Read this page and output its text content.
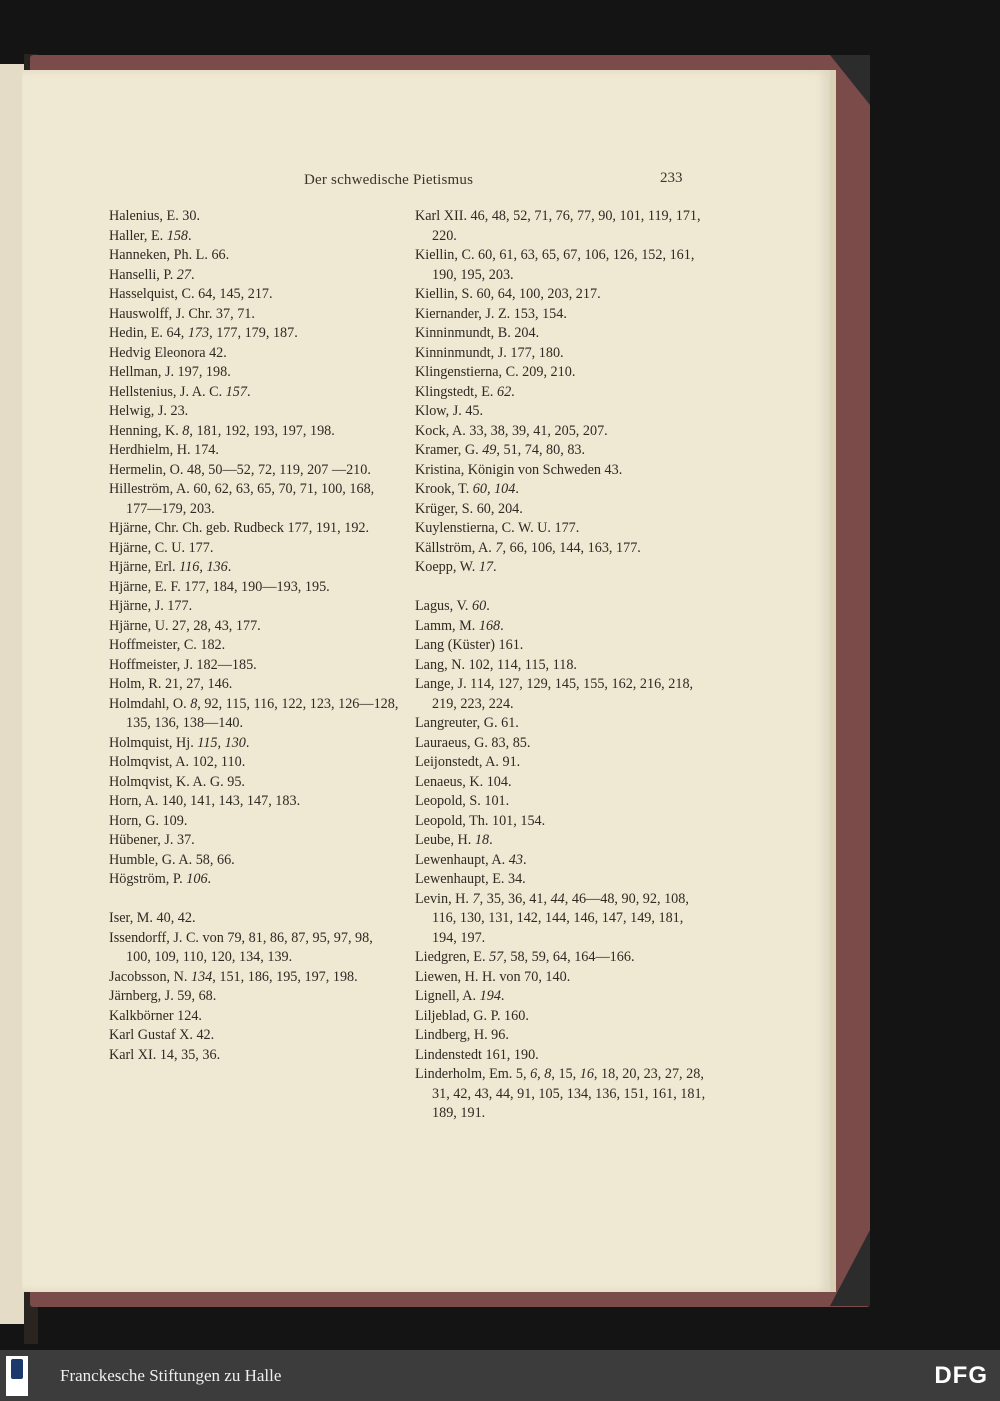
Der schwedische Pietismus	233
Halenius, E. 30.
Haller, E. 158.
Hanneken, Ph. L. 66.
Hanselli, P. 27.
Hasselquist, C. 64, 145, 217.
Hauswolff, J. Chr. 37, 71.
Hedin, E. 64, 173, 177, 179, 187.
Hedvig Eleonora 42.
Hellman, J. 197, 198.
Hellstenius, J. A. C. 157.
Helwig, J. 23.
Henning, K. 8, 181, 192, 193, 197, 198.
Herdhielm, H. 174.
Hermelin, O. 48, 50—52, 72, 119, 207 —210.
Hilleström, A. 60, 62, 63, 65, 70, 71, 100, 168, 177—179, 203.
Hjärne, Chr. Ch. geb. Rudbeck 177, 191, 192.
Hjärne, C. U. 177.
Hjärne, Erl. 116, 136.
Hjärne, E. F. 177, 184, 190—193, 195.
Hjärne, J. 177.
Hjärne, U. 27, 28, 43, 177.
Hoffmeister, C. 182.
Hoffmeister, J. 182—185.
Holm, R. 21, 27, 146.
Holmdahl, O. 8, 92, 115, 116, 122, 123, 126—128, 135, 136, 138—140.
Holmquist, Hj. 115, 130.
Holmqvist, A. 102, 110.
Holmqvist, K. A. G. 95.
Horn, A. 140, 141, 143, 147, 183.
Horn, G. 109.
Hübener, J. 37.
Humble, G. A. 58, 66.
Högström, P. 106.
Iser, M. 40, 42.
Issendorff, J. C. von 79, 81, 86, 87, 95, 97, 98, 100, 109, 110, 120, 134, 139.
Jacobsson, N. 134, 151, 186, 195, 197, 198.
Järnberg, J. 59, 68.
Kalkbörner 124.
Karl Gustaf X. 42.
Karl XI. 14, 35, 36.
Karl XII. 46, 48, 52, 71, 76, 77, 90, 101, 119, 171, 220.
Kiellin, C. 60, 61, 63, 65, 67, 106, 126, 152, 161, 190, 195, 203.
Kiellin, S. 60, 64, 100, 203, 217.
Kiernander, J. Z. 153, 154.
Kinninmundt, B. 204.
Kinninmundt, J. 177, 180.
Klingenstierna, C. 209, 210.
Klingstedt, E. 62.
Klow, J. 45.
Kock, A. 33, 38, 39, 41, 205, 207.
Kramer, G. 49, 51, 74, 80, 83.
Kristina, Königin von Schweden 43.
Krook, T. 60, 104.
Krüger, S. 60, 204.
Kuylenstierna, C. W. U. 177.
Källström, A. 7, 66, 106, 144, 163, 177.
Koepp, W. 17.
Lagus, V. 60.
Lamm, M. 168.
Lang (Küster) 161.
Lang, N. 102, 114, 115, 118.
Lange, J. 114, 127, 129, 145, 155, 162, 216, 218, 219, 223, 224.
Langreuter, G. 61.
Lauraeus, G. 83, 85.
Leijonstedt, A. 91.
Lenaeus, K. 104.
Leopold, S. 101.
Leopold, Th. 101, 154.
Leube, H. 18.
Lewenhaupt, A. 43.
Lewenhaupt, E. 34.
Levin, H. 7, 35, 36, 41, 44, 46—48, 90, 92, 108, 116, 130, 131, 142, 144, 146, 147, 149, 181, 194, 197.
Liedgren, E. 57, 58, 59, 64, 164—166.
Liewen, H. H. von 70, 140.
Lignell, A. 194.
Liljeblad, G. P. 160.
Lindberg, H. 96.
Lindenstedt 161, 190.
Linderholm, Em. 5, 6, 8, 15, 16, 18, 20, 23, 27, 28, 31, 42, 43, 44, 91, 105, 134, 136, 151, 161, 181, 189, 191.
Franckesche Stiftungen zu Halle	DFG
